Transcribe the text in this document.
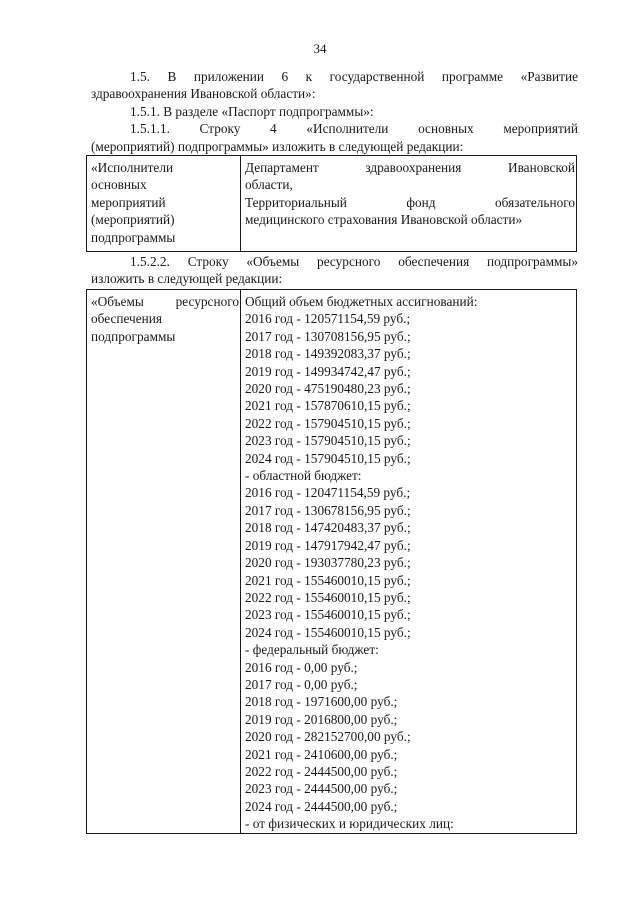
34
1.5. В приложении 6 к государственной программе «Развитие
здравоохранения Ивановской области»:
1.5.1. В разделе «Паспорт подпрограммы»:
1.5.1.1. Строку 4 «Исполнители основных мероприятий
(мероприятий) подпрограммы» изложить в следующей редакции:
«Исполнители
основных
мероприятий
(мероприятий)
подпрограммы
Департамент здравоохранения Ивановской
области,
Территориальный фонд обязательного
медицинского страхования Ивановской области»
1.5.2.2. Строку «Объемы ресурсного обеспечения подпрограммы»
изложить в следующей редакции:
«Объемы ресурсного
обеспечения
подпрограммы
Общий объем бюджетных ассигнований:
2016 год - 120571154,59 руб.;
2017 год - 130708156,95 руб.;
2018 год - 149392083,37 руб.;
2019 год - 149934742,47 руб.;
2020 год - 475190480,23 руб.;
2021 год - 157870610,15 руб.;
2022 год - 157904510,15 руб.;
2023 год - 157904510,15 руб.;
2024 год - 157904510,15 руб.;
- областной бюджет:
2016 год - 120471154,59 руб.;
2017 год - 130678156,95 руб.;
2018 год - 147420483,37 руб.;
2019 год - 147917942,47 руб.;
2020 год - 193037780,23 руб.;
2021 год - 155460010,15 руб.;
2022 год - 155460010,15 руб.;
2023 год - 155460010,15 руб.;
2024 год - 155460010,15 руб.;
- федеральный бюджет:
2016 год - 0,00 руб.;
2017 год - 0,00 руб.;
2018 год - 1971600,00 руб.;
2019 год - 2016800,00 руб.;
2020 год - 282152700,00 руб.;
2021 год - 2410600,00 руб.;
2022 год - 2444500,00 руб.;
2023 год - 2444500,00 руб.;
2024 год - 2444500,00 руб.;
- от физических и юридических лиц:
